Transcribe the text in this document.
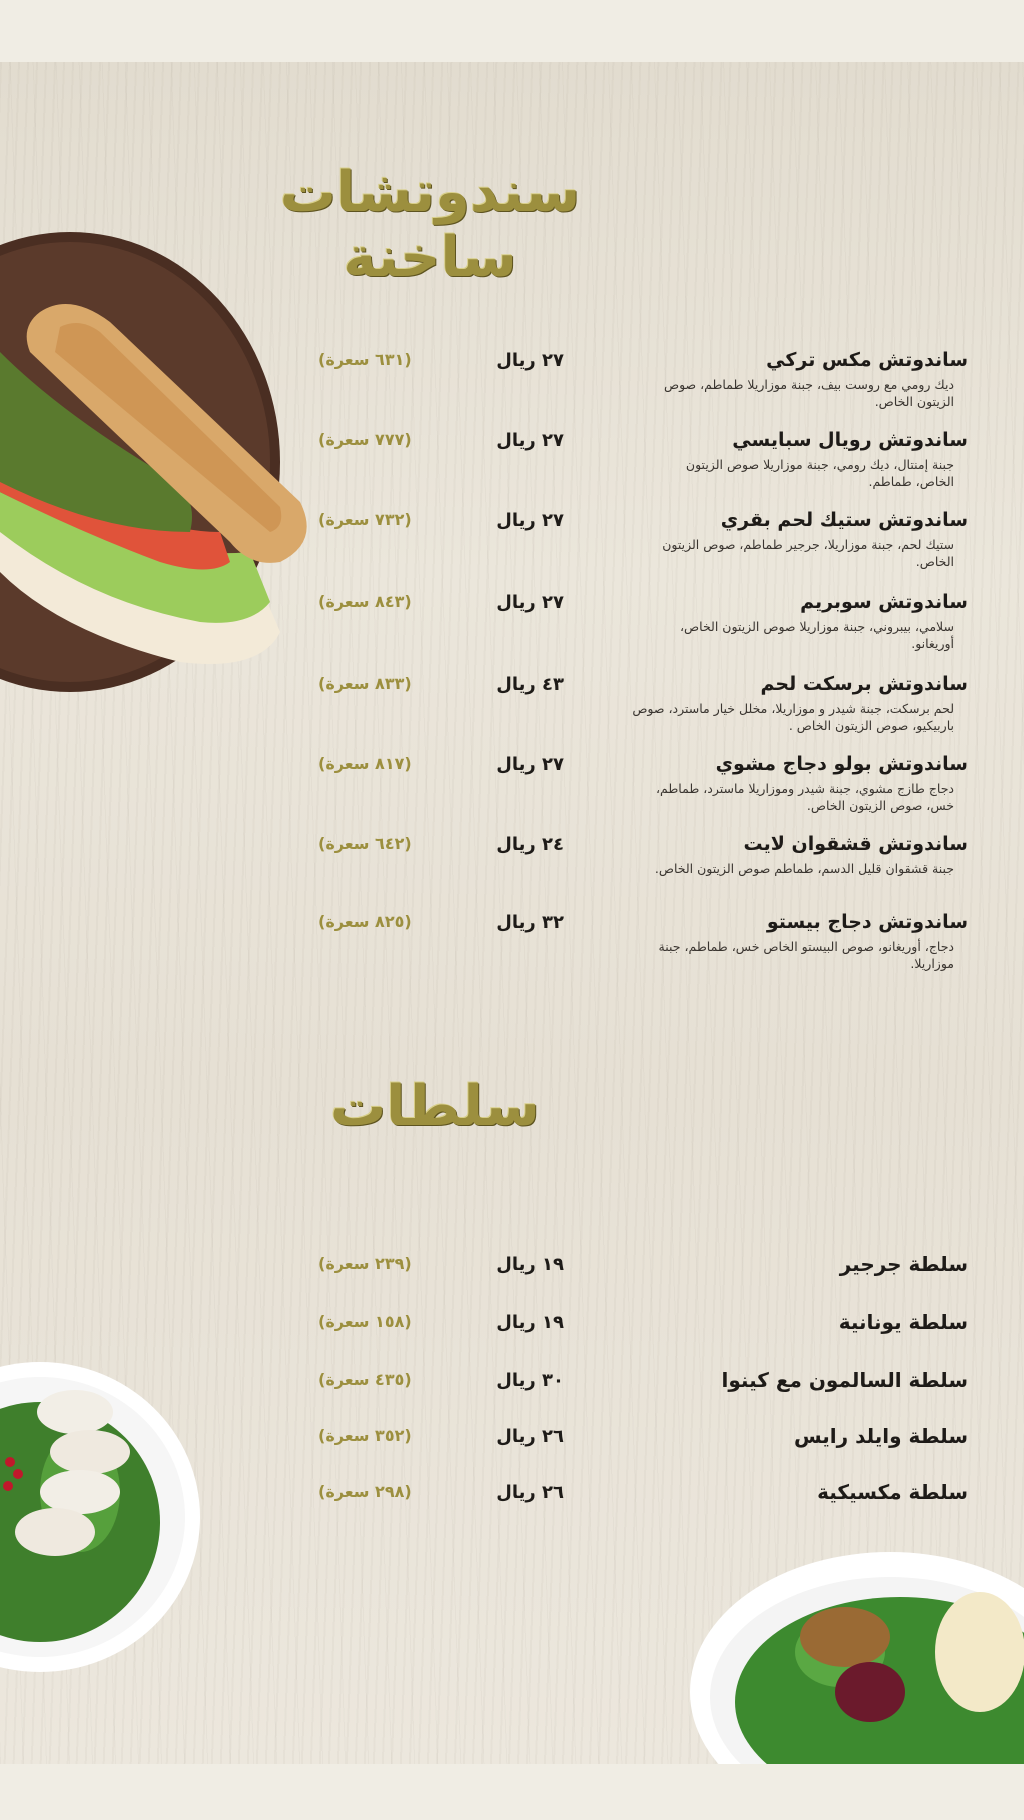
سندوتشات ساخنة
ساندوتش مكس تركي
ديك رومي مع روست بيف، جبنة موزاريلا طماطم، صوص الزيتون الخاص.
٢٧ ريال
(٦٣١ سعرة)
ساندوتش رويال سبايسي
جبنة إمنتال، ديك رومي، جبنة موزاريلا صوص الزيتون الخاص، طماطم.
٢٧ ريال
(٧٧٧ سعرة)
ساندوتش ستيك لحم بقري
ستيك لحم، جبنة موزاريلا، جرجير طماطم، صوص الزيتون الخاص.
٢٧ ريال
(٧٣٢ سعرة)
ساندوتش سوبريم
سلامي، بيبروني، جبنة موزاريلا صوص الزيتون الخاص، أوريغانو.
٢٧ ريال
(٨٤٣ سعرة)
ساندوتش برسكت لحم
لحم برسكت، جبنة شيدر و موزاريلا، مخلل خيار ماسترد، صوص باربيكيو، صوص الزيتون الخاص .
٤٣ ريال
(٨٣٣ سعرة)
ساندوتش بولو دجاج مشوي
دجاج طازج مشوي، جبنة شيدر وموزاريلا ماسترد، طماطم، خس، صوص الزيتون الخاص.
٢٧ ريال
(٨١٧ سعرة)
ساندوتش قشقوان لايت
جبنة قشقوان قليل الدسم، طماطم صوص الزيتون الخاص.
٢٤ ريال
(٦٤٢ سعرة)
ساندوتش دجاج بيستو
دجاج، أوريغانو، صوص البيستو الخاص خس، طماطم، جبنة موزاريلا.
٣٢ ريال
(٨٢٥ سعرة)
سلطات
سلطة جرجير
١٩ ريال
(٢٣٩ سعرة)
سلطة يونانية
١٩ ريال
(١٥٨ سعرة)
سلطة السالمون مع كينوا
٣٠ ريال
(٤٣٥ سعرة)
سلطة وايلد رايس
٢٦ ريال
(٣٥٢ سعرة)
سلطة مكسيكية
٢٦ ريال
(٢٩٨ سعرة)
